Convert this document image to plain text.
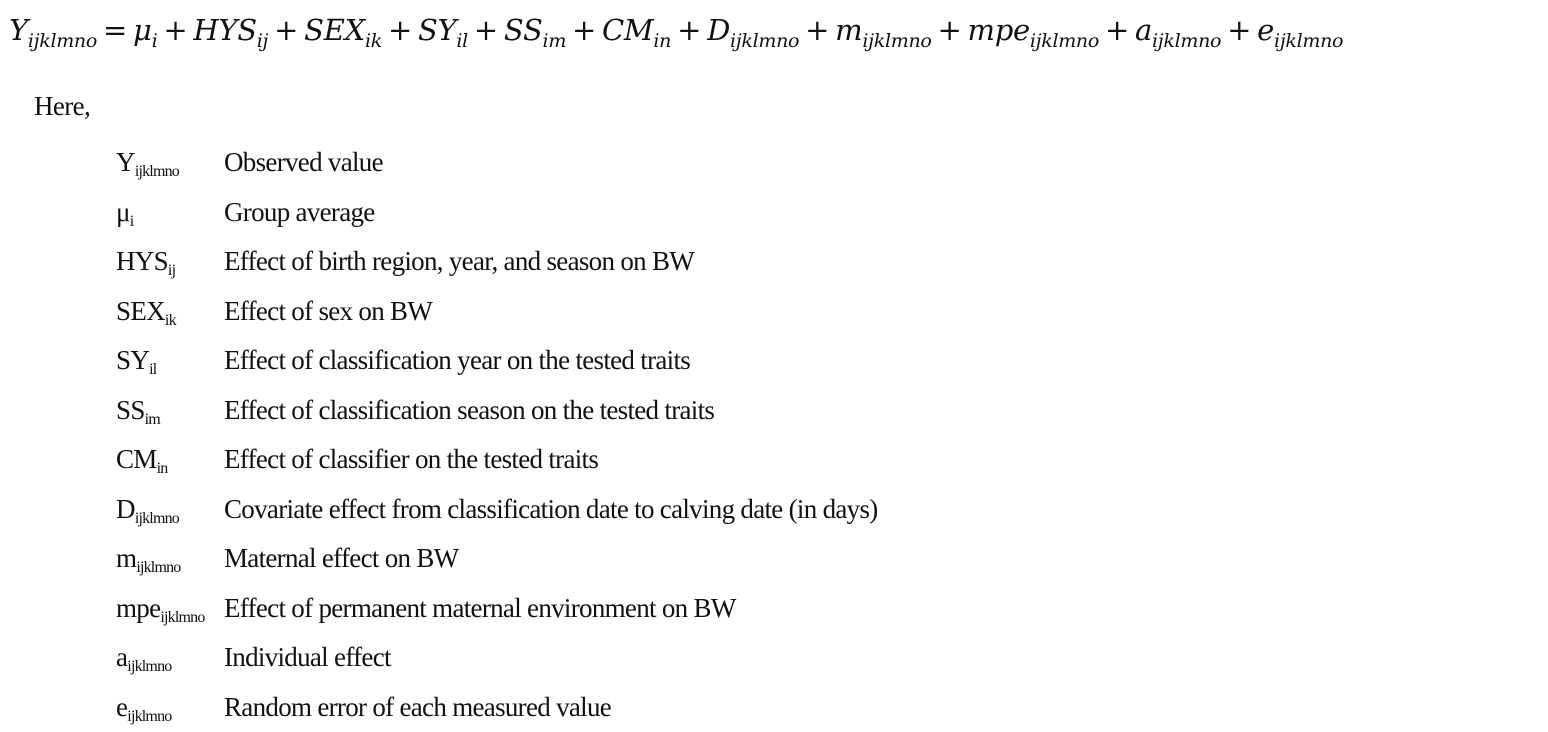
$Y_{ijklmno} = \mu_i + HYS_{ij} + SEX_{ik} + SY_{il} + SS_{im} + CM_{in} + D_{ijklmno} + m_{ijklmno} + mpe_{ijklmno} + a_{ijklmno} + e_{ijklmno}$
Here,
$Y_{ijklmno}$	Observed value
$\mu_i$	Group average
$HYS_{ij}$	Effect of birth region, year, and season on BW
$SEX_{ik}$	Effect of sex on BW
$SY_{il}$	Effect of classification year on the tested traits
$SS_{im}$	Effect of classification season on the tested traits
$CM_{in}$	Effect of classifier on the tested traits
$D_{ijklmno}$	Covariate effect from classification date to calving date (in days)
$m_{ijklmno}$	Maternal effect on BW
mpe$_{ijklmno}$ Effect of permanent maternal environment on BW
$a_{ijklmno}$	Individual effect
$e_{ijklmno}$	Random error of each measured value
